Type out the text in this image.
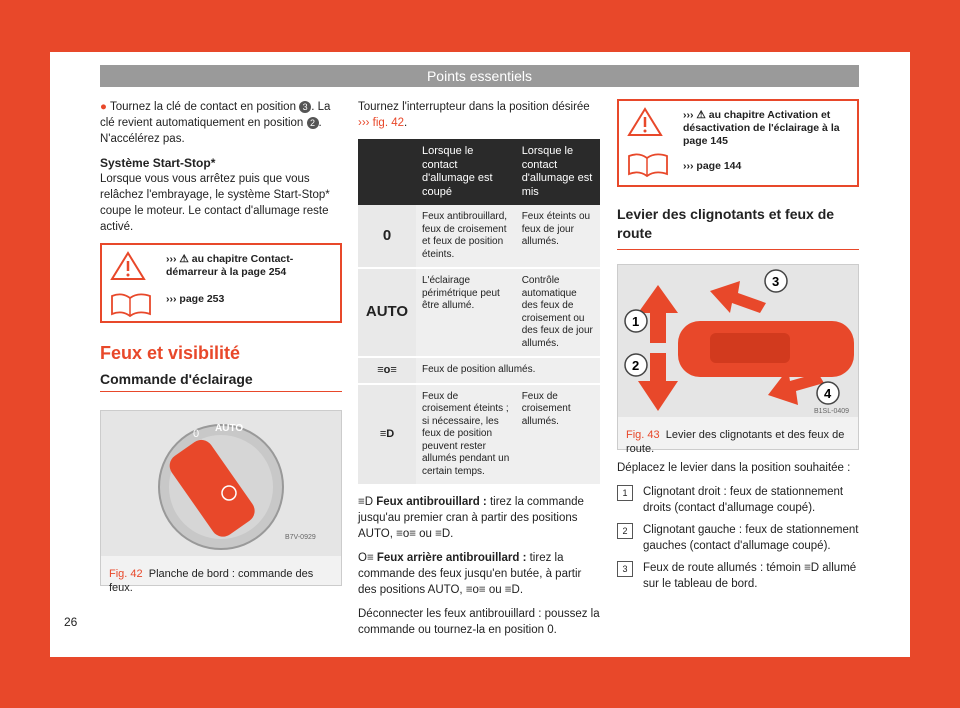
Points essentiels

● Tournez la clé de contact en position 3 . La clé revient automatiquement en position 2 . N'accélérez pas.

Système Start-Stop*

Lorsque vous vous arrêtez puis que vous relâchez l'embrayage, le système Start-Stop* coupe le moteur. Le contact d'allumage reste activé.

››› ⚠ au chapitre Contact-démarreur à la page 254
››› page 253
Feux et visibilité
Commande d'éclairage
0 AUTO
B7V-0929
Fig. 42 Planche de bord : commande des feux.

Tournez l'interrupteur dans la position désirée ››› fig. 42.

	Lorsque le contact d'allumage est coupé	Lorsque le contact d'allumage est mis
0	Feux antibrouillard, feux de croisement et feux de position éteints.	Feux éteints ou feux de jour allumés.
AUTO	L'éclairage périmétrique peut être allumé.	Contrôle automatique des feux de croisement ou des feux de jour allumés.
≡o≡	Feux de position allumés.	
≡D	Feux de croisement éteints ; si nécessaire, les feux de position peuvent rester allumés pendant un certain temps.	Feux de croisement allumés.

≡D Feux antibrouillard : tirez la commande jusqu'au premier cran à partir des positions AUTO, ≡o≡ ou ≡D.

O≡ Feux arrière antibrouillard : tirez la commande des feux jusqu'en butée, à partir des positions AUTO, ≡o≡ ou ≡D.

Déconnecter les feux antibrouillard : poussez la commande ou tournez-la en position 0.

››› ⚠ au chapitre Activation et désactivation de l'éclairage à la page 145
››› page 144
Levier des clignotants et feux de route
1
2
3
4
B1SL-0409
Fig. 43 Levier des clignotants et des feux de route.

Déplacez le levier dans la position souhaitée :

1	Clignotant droit : feux de stationnement droits (contact d'allumage coupé).
2	Clignotant gauche : feux de stationnement gauches (contact d'allumage coupé).
3	Feux de route allumés : témoin ≡D allumé sur le tableau de bord.
26
